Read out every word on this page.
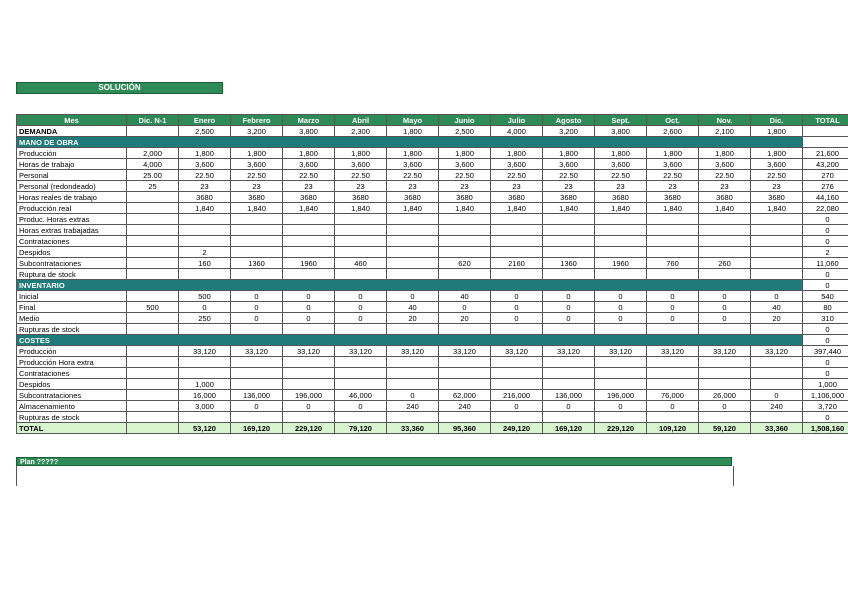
SOLUCIÓN
Mes	Dic. N-1	Enero	Febrero	Marzo	Abril	Mayo	Junio	Julio	Agosto	Sept.	Oct.	Nov.	Dic.	TOTAL
DEMANDA		2,500	3,200	3,800	2,300	1,800	2,500	4,000	3,200	3,800	2,600	2,100	1,800	
MANO DE OBRA														
Producción	2,000	1,800	1,800	1,800	1,800	1,800	1,800	1,800	1,800	1,800	1,800	1,800	1,800	21,600
Horas de trabajo	4,000	3,600	3,600	3,600	3,600	3,600	3,600	3,600	3,600	3,600	3,600	3,600	3,600	43,200
Personal	25.00	22.50	22.50	22.50	22.50	22.50	22.50	22.50	22.50	22.50	22.50	22.50	22.50	270
Personal (redondeado)	25	23	23	23	23	23	23	23	23	23	23	23	23	276
Horas reales de trabajo		3680	3680	3680	3680	3680	3680	3680	3680	3680	3680	3680	3680	44,160
Producción real		1,840	1,840	1,840	1,840	1,840	1,840	1,840	1,840	1,840	1,840	1,840	1,840	22,080
Produc. Horas extras														0
Horas extras trabajadas														0
Contrataciones														0
Despidos		2												2
Subcontrataciones		160	1360	1960	460		620	2160	1360	1960	760	260		11,060
Ruptura de stock														0
INVENTARIO														0
Inicial		500	0	0	0	0	40	0	0	0	0	0	0	540
Final	500	0	0	0	0	40	0	0	0	0	0	0	40	80
Medio		250	0	0	0	20	20	0	0	0	0	0	20	310
Rupturas de stock														0
COSTES														0
Producción		33,120	33,120	33,120	33,120	33,120	33,120	33,120	33,120	33,120	33,120	33,120	33,120	397,440
Producción Hora extra														0
Contrataciones														0
Despidos		1,000												1,000
Subcontrataciones		16,000	136,000	196,000	46,000	0	62,000	216,000	136,000	196,000	76,000	26,000	0	1,106,000
Almacenamiento		3,000	0	0	0	240	240	0	0	0	0	0	240	3,720
Rupturas de stock														0
TOTAL		53,120	169,120	229,120	79,120	33,360	95,360	249,120	169,120	229,120	109,120	59,120	33,360	1,508,160
Plan ?????
